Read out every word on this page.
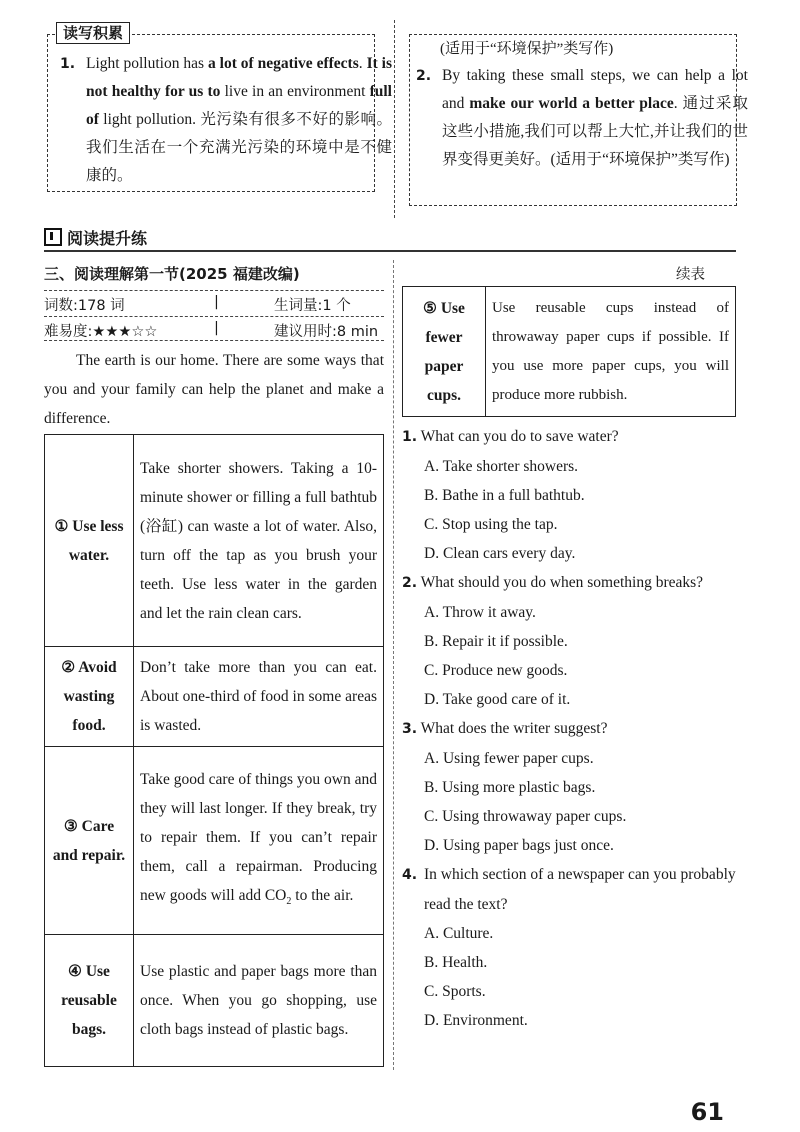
读写积累
1. Light pollution has a lot of negative effects. It is not healthy for us to live in an environment full of light pollution. 光污染有很多不好的影响。我们生活在一个充满光污染的环境中是不健康的。
(适用于“环境保护”类写作)
2. By taking these small steps, we can help a lot and make our world a better place. 通过采取这些小措施,我们可以帮上大忙,并让我们的世界变得更美好。(适用于“环境保护”类写作)
阅读提升练
三、阅读理解第一节(2025 福建改编)	续表
词数:178 词	|	生词量:1 个
难易度:★★★☆☆	|	建议用时:8 min
The earth is our home. There are some ways that you and your family can help the planet and make a difference.
① Use less water.	Take shorter showers. Taking a 10-minute shower or filling a full bathtub (浴缸) can waste a lot of water. Also, turn off the tap as you brush your teeth. Use less water in the garden and let the rain clean cars.
② Avoid wasting food.	Don’t take more than you can eat. About one-third of food in some areas is wasted.
③ Care and repair.	Take good care of things you own and they will last longer. If they break, try to repair them. If you can’t repair them, call a repairman. Producing new goods will add $CO_2$ to the air.
④ Use reusable bags.	Use plastic and paper bags more than once. When you go shopping, use cloth bags instead of plastic bags.
⑤ Use fewer paper cups.	Use reusable cups instead of throwaway paper cups if possible. If you use more paper cups, you will produce more rubbish.
1. What can you do to save water?
A. Take shorter showers.
B. Bathe in a full bathtub.
C. Stop using the tap.
D. Clean cars every day.
2. What should you do when something breaks?
A. Throw it away.
B. Repair it if possible.
C. Produce new goods.
D. Take good care of it.
3. What does the writer suggest?
A. Using fewer paper cups.
B. Using more plastic bags.
C. Using throwaway paper cups.
D. Using paper bags just once.
4. In which section of a newspaper can you probably read the text?
A. Culture.
B. Health.
C. Sports.
D. Environment.
61
